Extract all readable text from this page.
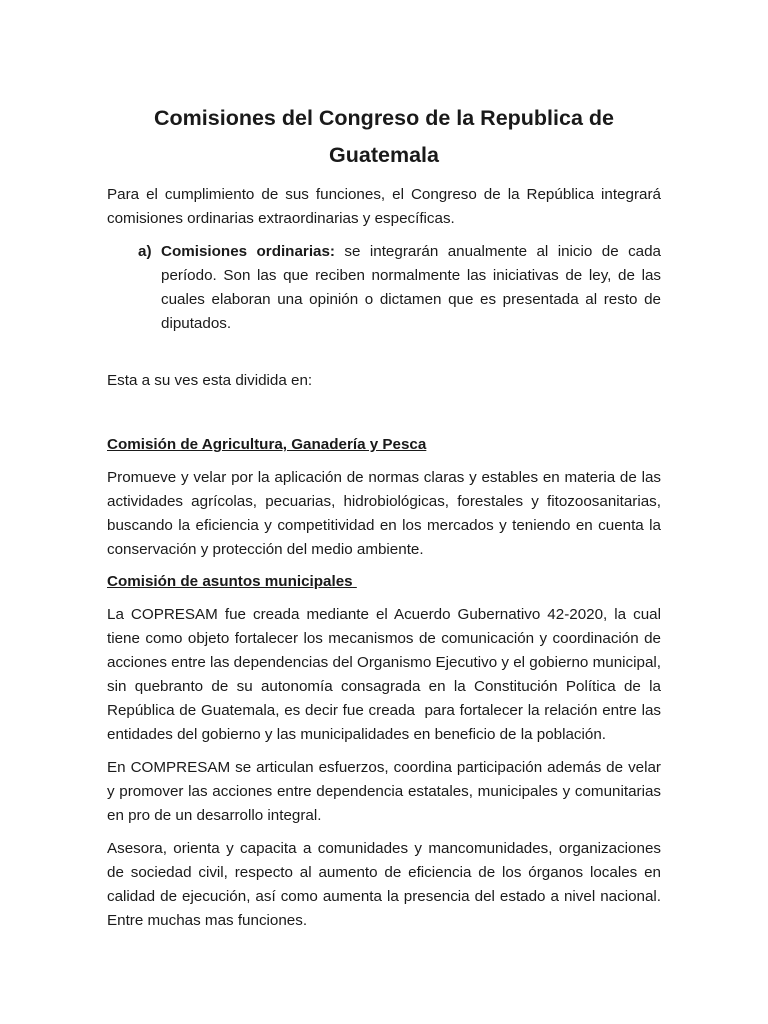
Comisiones del Congreso de la Republica de Guatemala

Para el cumplimiento de sus funciones, el Congreso de la República integrará comisiones ordinarias extraordinarias y específicas.

a) Comisiones ordinarias: se integrarán anualmente al inicio de cada período. Son las que reciben normalmente las iniciativas de ley, de las cuales elaboran una opinión o dictamen que es presentada al resto de diputados.

Esta a su ves esta dividida en:

Comisión de Agricultura, Ganadería y Pesca

Promueve y velar por la aplicación de normas claras y estables en materia de las actividades agrícolas, pecuarias, hidrobiológicas, forestales y fitozoosanitarias, buscando la eficiencia y competitividad en los mercados y teniendo en cuenta la conservación y protección del medio ambiente.

Comisión de asuntos municipales

La COPRESAM fue creada mediante el Acuerdo Gubernativo 42-2020, la cual tiene como objeto fortalecer los mecanismos de comunicación y coordinación de acciones entre las dependencias del Organismo Ejecutivo y el gobierno municipal, sin quebranto de su autonomía consagrada en la Constitución Política de la República de Guatemala, es decir fue creada  para fortalecer la relación entre las entidades del gobierno y las municipalidades en beneficio de la población.

En COMPRESAM se articulan esfuerzos, coordina participación además de velar y promover las acciones entre dependencia estatales, municipales y comunitarias en pro de un desarrollo integral.

Asesora, orienta y capacita a comunidades y mancomunidades, organizaciones de sociedad civil, respecto al aumento de eficiencia de los órganos locales en calidad de ejecución, así como aumenta la presencia del estado a nivel nacional. Entre muchas mas funciones.
